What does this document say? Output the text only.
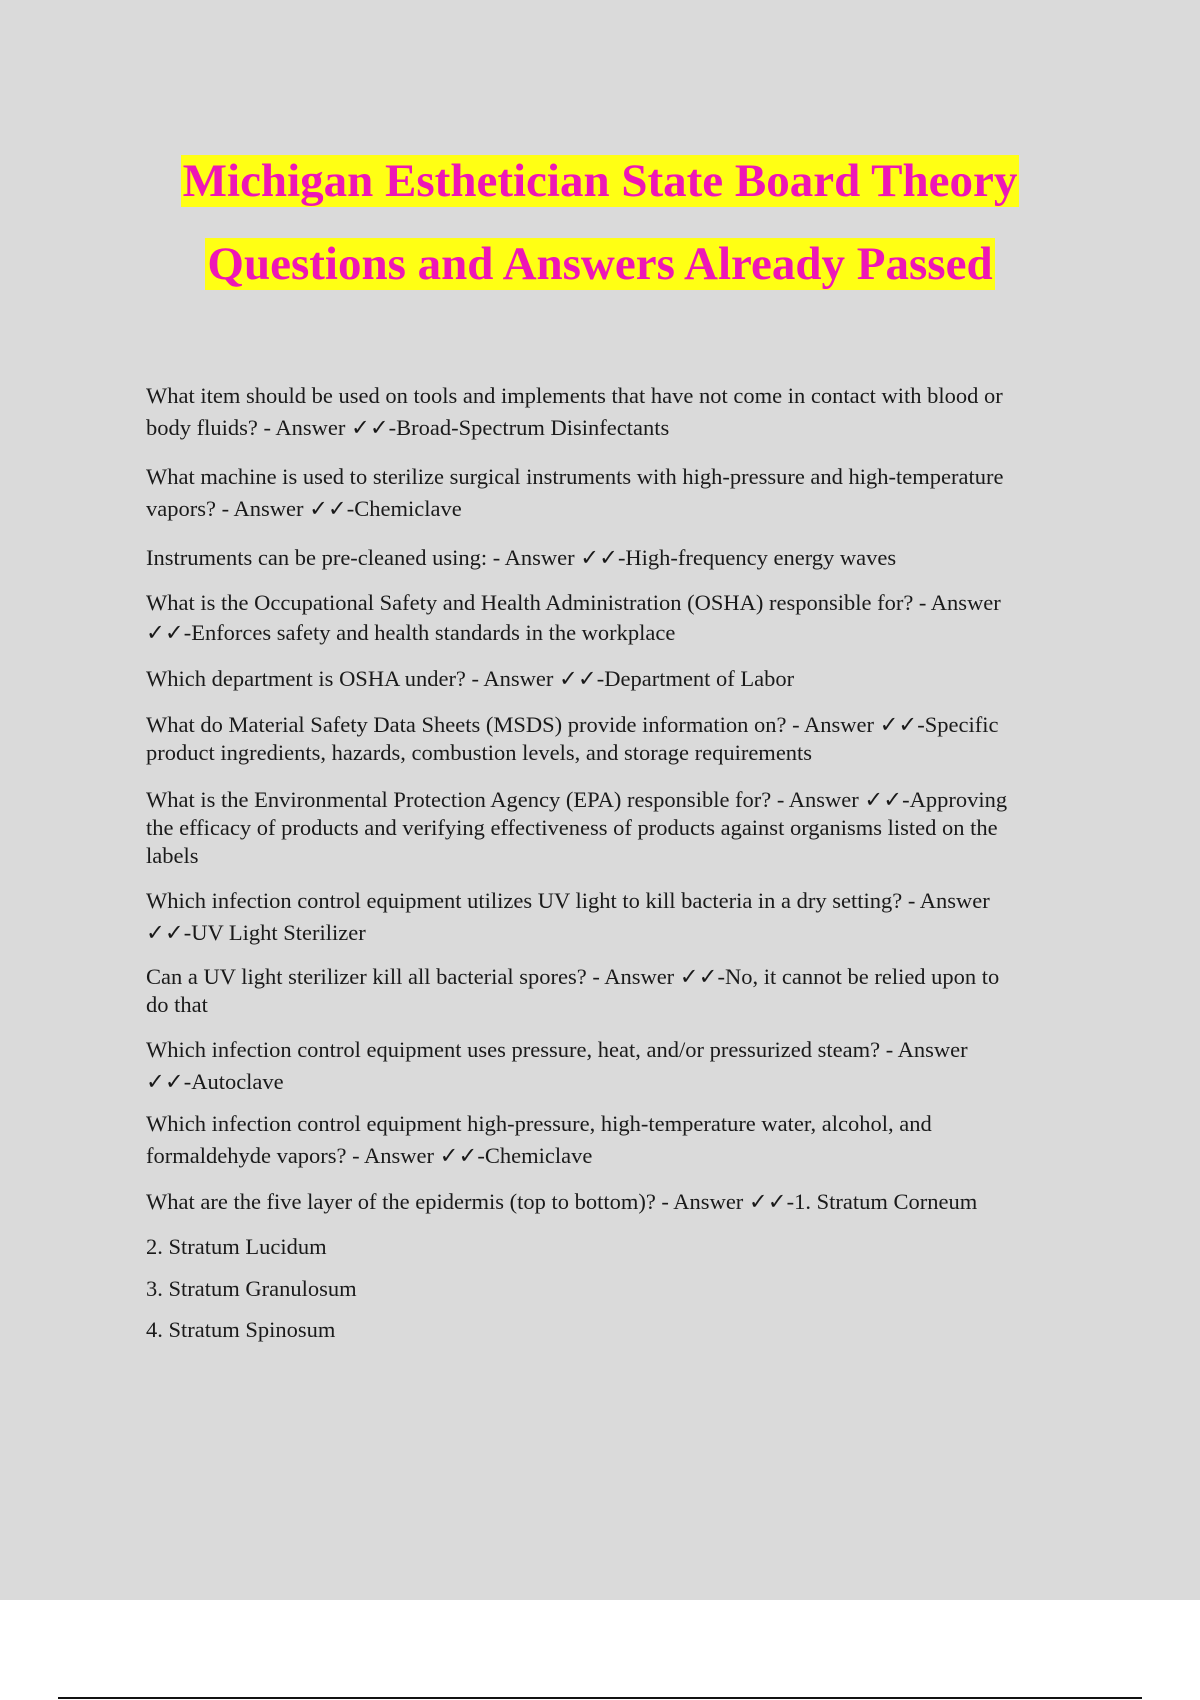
Michigan Esthetician State Board Theory
Questions and Answers Already Passed

What item should be used on tools and implements that have not come in contact with blood or
body fluids? - Answer ✓✓-Broad-Spectrum Disinfectants

What machine is used to sterilize surgical instruments with high-pressure and high-temperature
vapors? - Answer ✓✓-Chemiclave

Instruments can be pre-cleaned using: - Answer ✓✓-High-frequency energy waves

What is the Occupational Safety and Health Administration (OSHA) responsible for? - Answer
✓✓-Enforces safety and health standards in the workplace

Which department is OSHA under? - Answer ✓✓-Department of Labor

What do Material Safety Data Sheets (MSDS) provide information on? - Answer ✓✓-Specific
product ingredients, hazards, combustion levels, and storage requirements

What is the Environmental Protection Agency (EPA) responsible for? - Answer ✓✓-Approving
the efficacy of products and verifying effectiveness of products against organisms listed on the
labels

Which infection control equipment utilizes UV light to kill bacteria in a dry setting? - Answer
✓✓-UV Light Sterilizer

Can a UV light sterilizer kill all bacterial spores? - Answer ✓✓-No, it cannot be relied upon to
do that

Which infection control equipment uses pressure, heat, and/or pressurized steam? - Answer
✓✓-Autoclave

Which infection control equipment high-pressure, high-temperature water, alcohol, and
formaldehyde vapors? - Answer ✓✓-Chemiclave

What are the five layer of the epidermis (top to bottom)? - Answer ✓✓-1. Stratum Corneum

2. Stratum Lucidum

3. Stratum Granulosum

4. Stratum Spinosum
